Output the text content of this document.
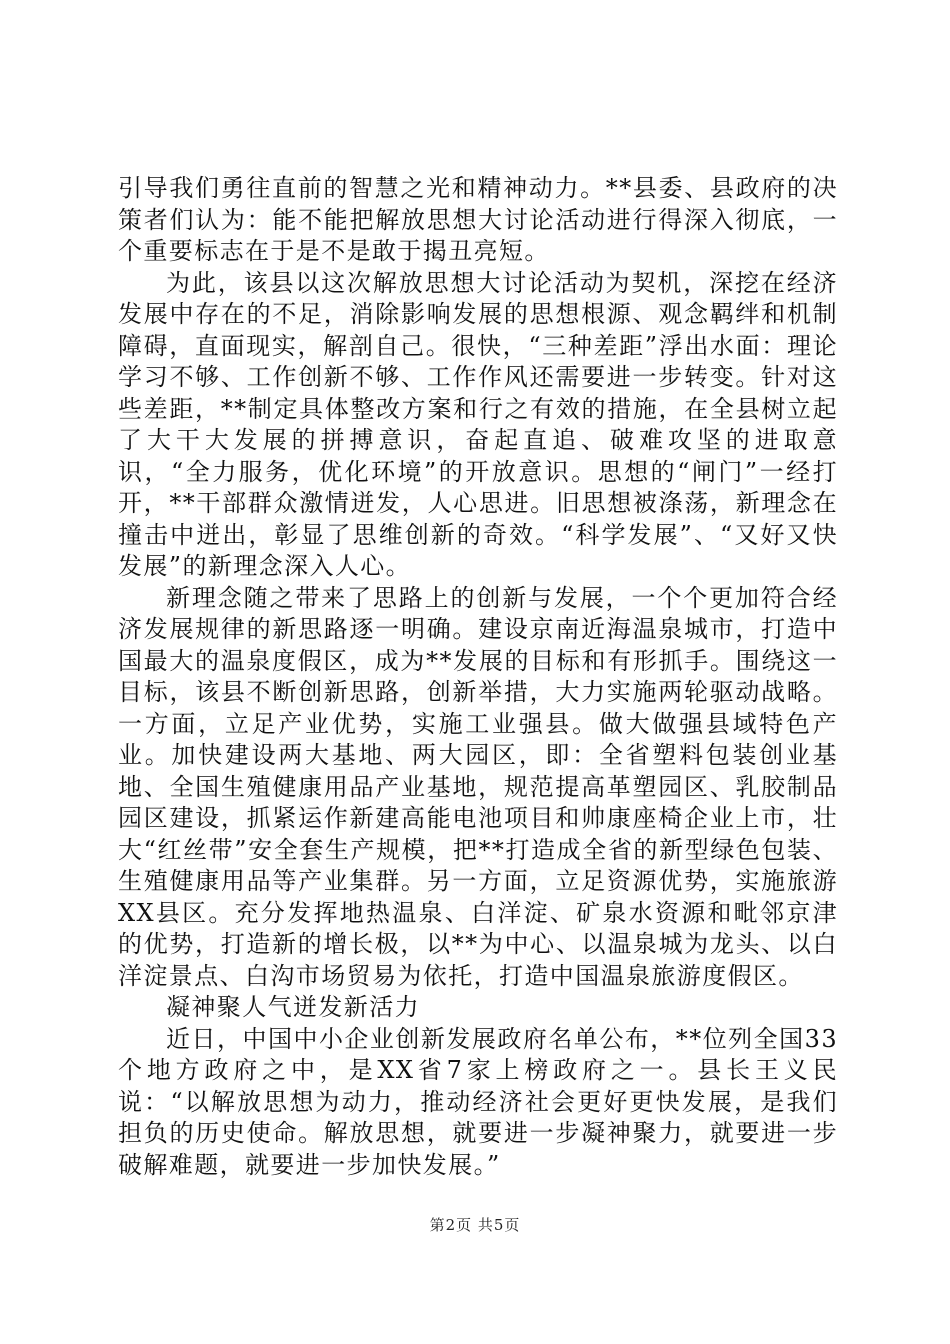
引导我们勇往直前的智慧之光和精神动力。**县委、县政府的决策者们认为：能不能把解放思想大讨论活动进行得深入彻底，一个重要标志在于是不是敢于揭丑亮短。

为此，该县以这次解放思想大讨论活动为契机，深挖在经济发展中存在的不足，消除影响发展的思想根源、观念羁绊和机制障碍，直面现实，解剖自己。很快，“三种差距”浮出水面：理论学习不够、工作创新不够、工作作风还需要进一步转变。针对这些差距，**制定具体整改方案和行之有效的措施，在全县树立起了大干大发展的拼搏意识，奋起直追、破难攻坚的进取意识，“全力服务，优化环境”的开放意识。思想的“闸门”一经打开，**干部群众激情迸发，人心思进。旧思想被涤荡，新理念在撞击中迸出，彰显了思维创新的奇效。“科学发展”、“又好又快发展”的新理念深入人心。

新理念随之带来了思路上的创新与发展，一个个更加符合经济发展规律的新思路逐一明确。建设京南近海温泉城市，打造中国最大的温泉度假区，成为**发展的目标和有形抓手。围绕这一目标，该县不断创新思路，创新举措，大力实施两轮驱动战略。一方面，立足产业优势，实施工业强县。做大做强县域特色产业。加快建设两大基地、两大园区，即：全省塑料包装创业基地、全国生殖健康用品产业基地，规范提高革塑园区、乳胶制品园区建设，抓紧运作新建高能电池项目和帅康座椅企业上市，壮大“红丝带”安全套生产规模，把**打造成全省的新型绿色包装、生殖健康用品等产业集群。另一方面，立足资源优势，实施旅游XX县区。充分发挥地热温泉、白洋淀、矿泉水资源和毗邻京津的优势，打造新的增长极，以**为中心、以温泉城为龙头、以白洋淀景点、白沟市场贸易为依托，打造中国温泉旅游度假区。

凝神聚人气迸发新活力

近日，中国中小企业创新发展政府名单公布，**位列全国33个地方政府之中，是XX省7家上榜政府之一。县长王义民说：“以解放思想为动力，推动经济社会更好更快发展，是我们担负的历史使命。解放思想，就要进一步凝神聚力，就要进一步破解难题，就要进一步加快发展。”

第2页 共5页
